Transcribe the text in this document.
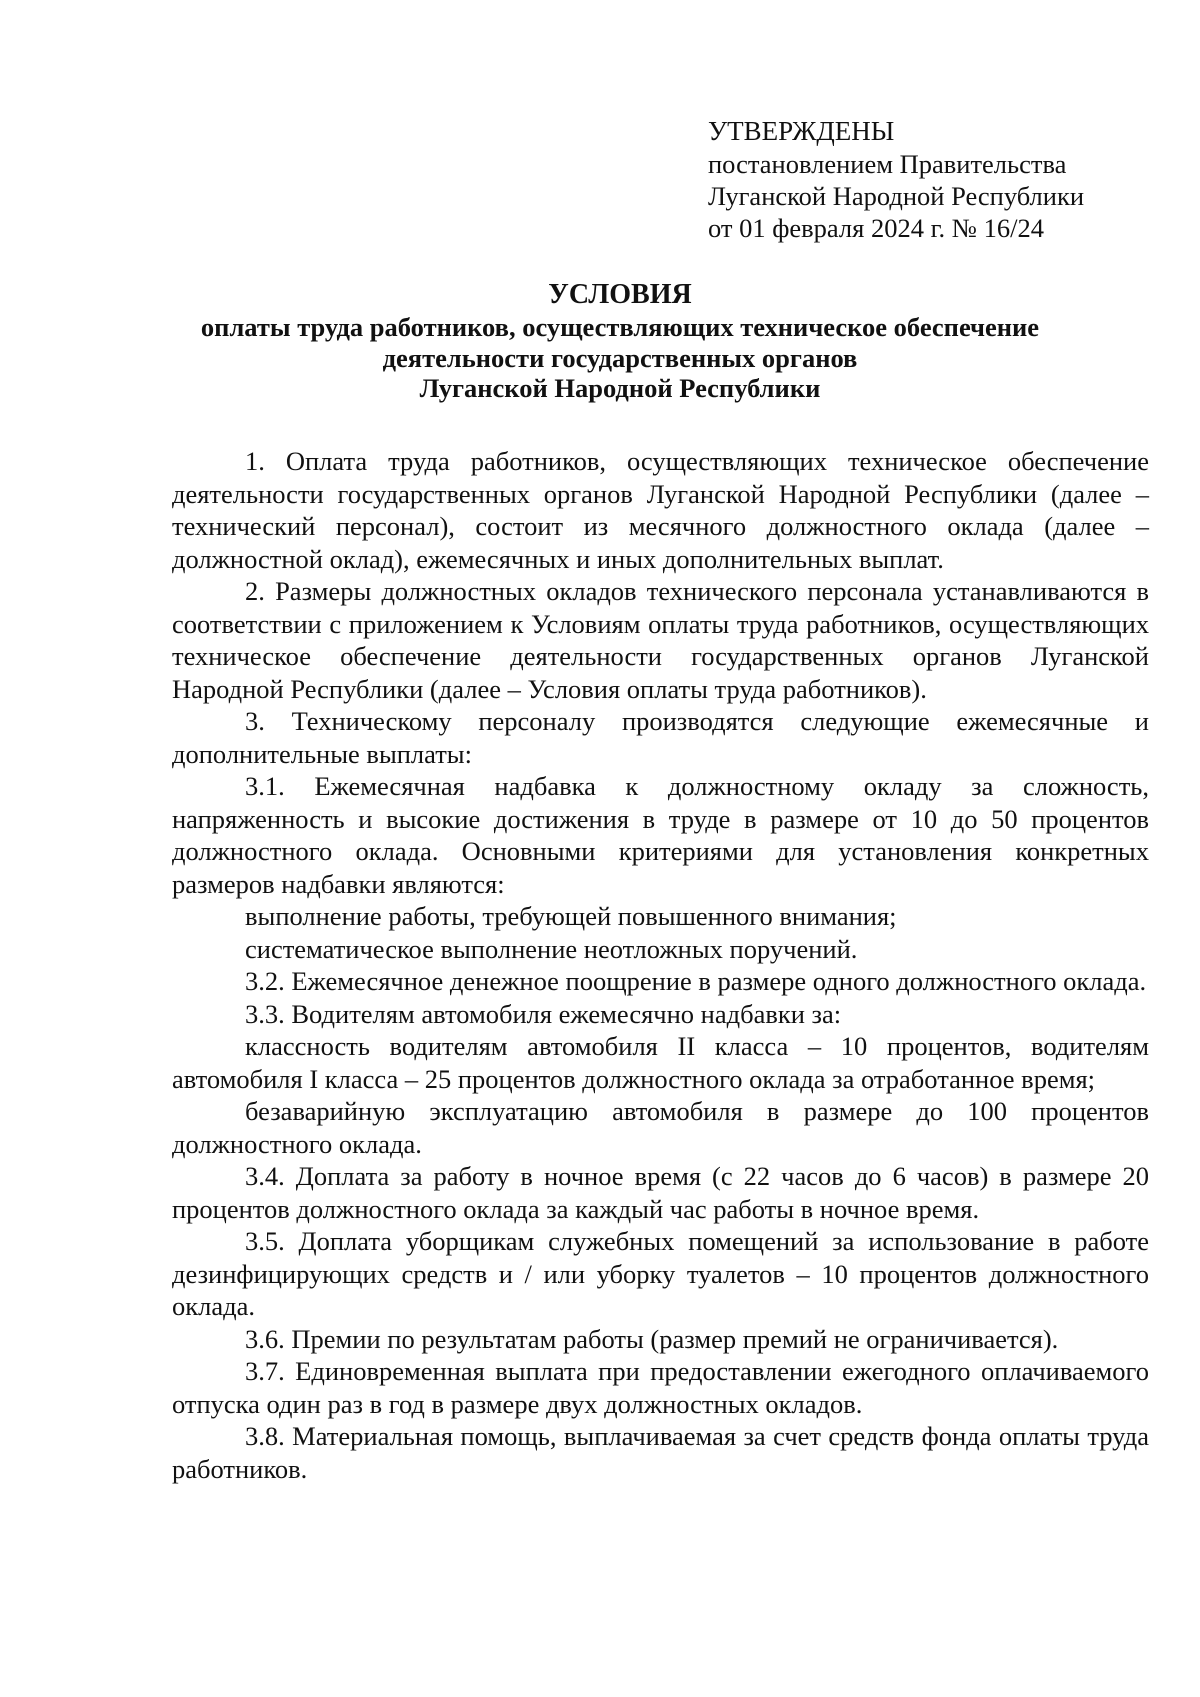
УТВЕРЖДЕНЫ
постановлением Правительства
Луганской Народной Республики
от 01 февраля 2024 г. № 16/24
УСЛОВИЯ
оплаты труда работников, осуществляющих техническое обеспечение
деятельности государственных органов
Луганской Народной Республики

1. Оплата труда работников, осуществляющих техническое обеспечение деятельности государственных органов Луганской Народной Республики (далее – технический персонал), состоит из месячного должностного оклада (далее – должностной оклад), ежемесячных и иных дополнительных выплат.

2. Размеры должностных окладов технического персонала устанавливаются в соответствии с приложением к Условиям оплаты труда работников, осуществляющих техническое обеспечение деятельности государственных органов Луганской Народной Республики (далее – Условия оплаты труда работников).

3. Техническому персоналу производятся следующие ежемесячные и дополнительные выплаты:

3.1. Ежемесячная надбавка к должностному окладу за сложность, напряженность и высокие достижения в труде в размере от 10 до 50 процентов должностного оклада. Основными критериями для установления конкретных размеров надбавки являются:

выполнение работы, требующей повышенного внимания;

систематическое выполнение неотложных поручений.

3.2. Ежемесячное денежное поощрение в размере одного должностного оклада.

3.3. Водителям автомобиля ежемесячно надбавки за:

классность водителям автомобиля II класса – 10 процентов, водителям автомобиля I класса – 25 процентов должностного оклада за отработанное время;

безаварийную эксплуатацию автомобиля в размере до 100 процентов должностного оклада.

3.4. Доплата за работу в ночное время (с 22 часов до 6 часов) в размере 20 процентов должностного оклада за каждый час работы в ночное время.

3.5. Доплата уборщикам служебных помещений за использование в работе дезинфицирующих средств и / или уборку туалетов – 10 процентов должностного оклада.

3.6. Премии по результатам работы (размер премий не ограничивается).

3.7. Единовременная выплата при предоставлении ежегодного оплачиваемого отпуска один раз в год в размере двух должностных окладов.

3.8. Материальная помощь, выплачиваемая за счет средств фонда оплаты труда работников.
